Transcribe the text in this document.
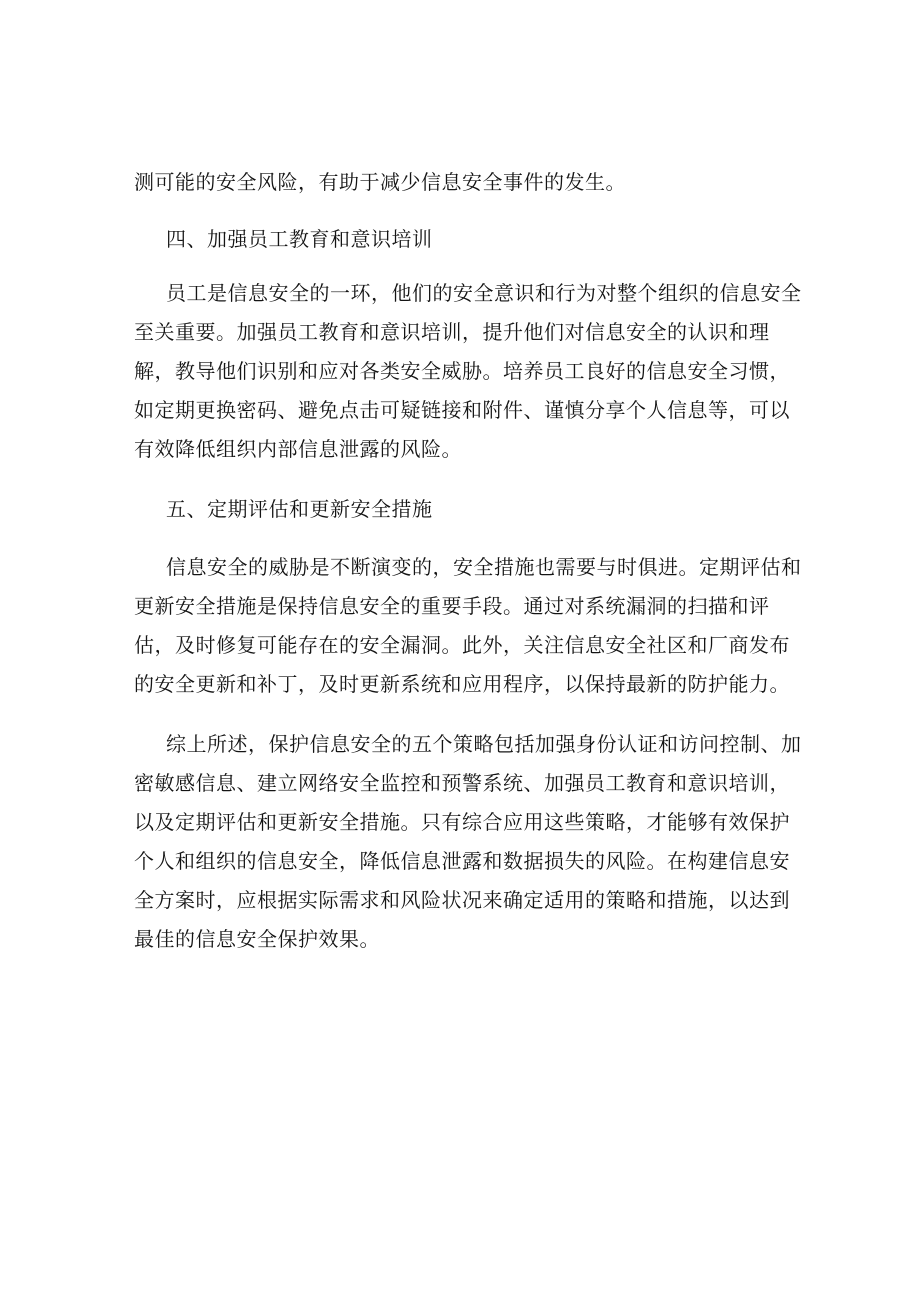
测可能的安全风险，有助于减少信息安全事件的发生。

四、加强员工教育和意识培训

员工是信息安全的一环，他们的安全意识和行为对整个组织的信息安全

至关重要。加强员工教育和意识培训，提升他们对信息安全的认识和理

解，教导他们识别和应对各类安全威胁。培养员工良好的信息安全习惯，

如定期更换密码、避免点击可疑链接和附件、谨慎分享个人信息等，可以

有效降低组织内部信息泄露的风险。

五、定期评估和更新安全措施

信息安全的威胁是不断演变的，安全措施也需要与时俱进。定期评估和

更新安全措施是保持信息安全的重要手段。通过对系统漏洞的扫描和评

估，及时修复可能存在的安全漏洞。此外，关注信息安全社区和厂商发布

的安全更新和补丁，及时更新系统和应用程序，以保持最新的防护能力。

综上所述，保护信息安全的五个策略包括加强身份认证和访问控制、加

密敏感信息、建立网络安全监控和预警系统、加强员工教育和意识培训，

以及定期评估和更新安全措施。只有综合应用这些策略，才能够有效保护

个人和组织的信息安全，降低信息泄露和数据损失的风险。在构建信息安

全方案时，应根据实际需求和风险状况来确定适用的策略和措施，以达到

最佳的信息安全保护效果。
